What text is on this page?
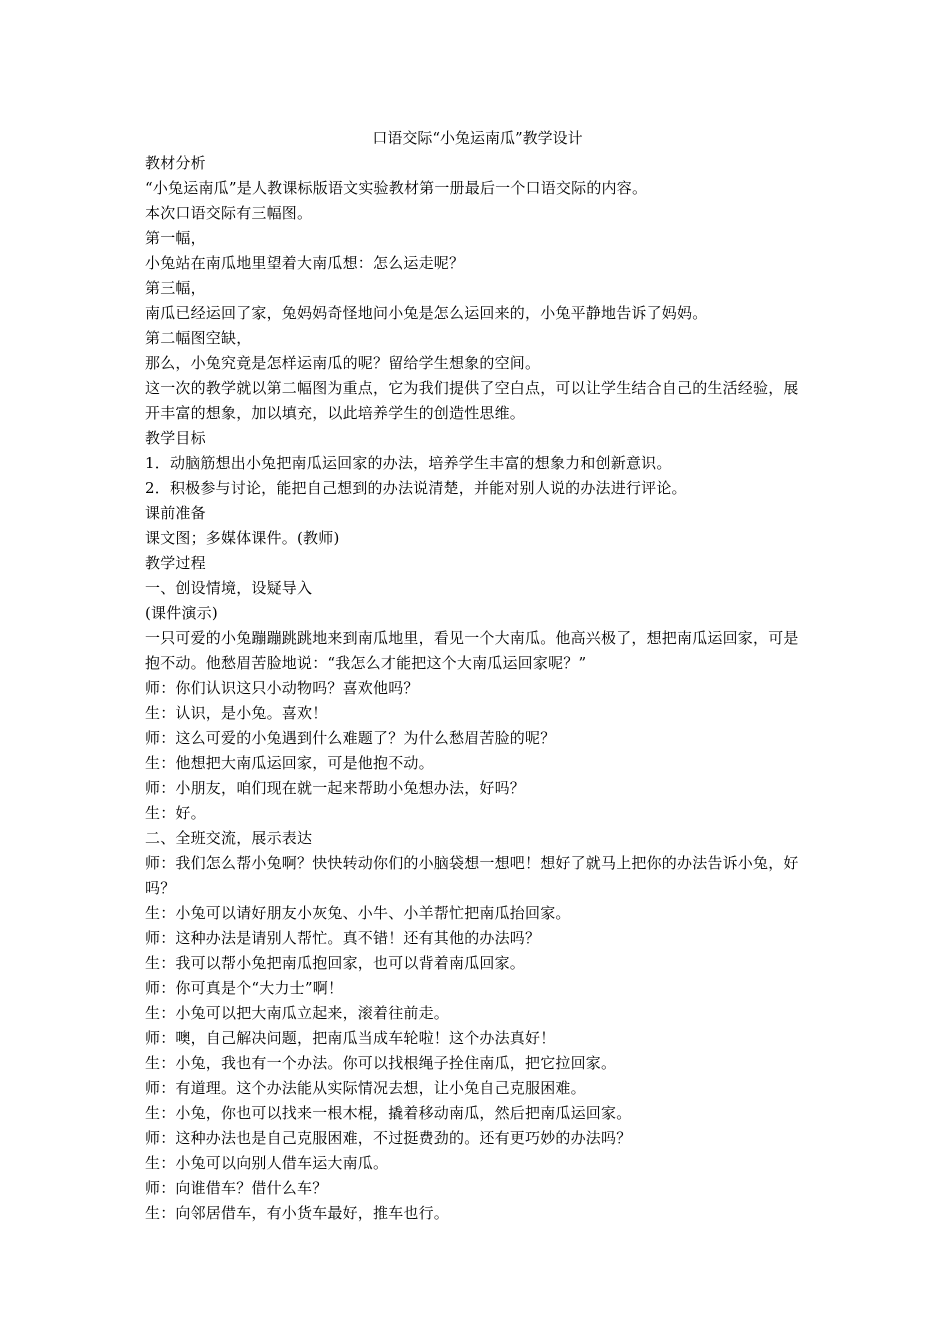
口语交际“小兔运南瓜”教学设计
教材分析
“小兔运南瓜”是人教课标版语文实验教材第一册最后一个口语交际的内容。
本次口语交际有三幅图。
第一幅，
小兔站在南瓜地里望着大南瓜想：怎么运走呢？
第三幅，
南瓜已经运回了家，兔妈妈奇怪地问小兔是怎么运回来的，小兔平静地告诉了妈妈。
第二幅图空缺，
那么，小兔究竟是怎样运南瓜的呢？留给学生想象的空间。
这一次的教学就以第二幅图为重点，它为我们提供了空白点，可以让学生结合自己的生活经验，展开丰富的想象，加以填充，以此培养学生的创造性思维。
教学目标
1．动脑筋想出小兔把南瓜运回家的办法，培养学生丰富的想象力和创新意识。
2．积极参与讨论，能把自己想到的办法说清楚，并能对别人说的办法进行评论。
课前准备
课文图；多媒体课件。(教师)
教学过程
一、创设情境，设疑导入
(课件演示)
一只可爱的小兔蹦蹦跳跳地来到南瓜地里，看见一个大南瓜。他高兴极了，想把南瓜运回家，可是抱不动。他愁眉苦脸地说：“我怎么才能把这个大南瓜运回家呢？”
师：你们认识这只小动物吗？喜欢他吗？
生：认识，是小兔。喜欢！
师：这么可爱的小兔遇到什么难题了？为什么愁眉苦脸的呢？
生：他想把大南瓜运回家，可是他抱不动。
师：小朋友，咱们现在就一起来帮助小兔想办法，好吗？
生：好。
二、全班交流，展示表达
师：我们怎么帮小兔啊？快快转动你们的小脑袋想一想吧！想好了就马上把你的办法告诉小兔，好吗？
生：小兔可以请好朋友小灰兔、小牛、小羊帮忙把南瓜抬回家。
师：这种办法是请别人帮忙。真不错！还有其他的办法吗？
生：我可以帮小兔把南瓜抱回家，也可以背着南瓜回家。
师：你可真是个“大力士”啊！
生：小兔可以把大南瓜立起来，滚着往前走。
师：噢，自己解决问题，把南瓜当成车轮啦！这个办法真好！
生：小兔，我也有一个办法。你可以找根绳子拴住南瓜，把它拉回家。
师：有道理。这个办法能从实际情况去想，让小兔自己克服困难。
生：小兔，你也可以找来一根木棍，撬着移动南瓜，然后把南瓜运回家。
师：这种办法也是自己克服困难，不过挺费劲的。还有更巧妙的办法吗？
生：小兔可以向别人借车运大南瓜。
师：向谁借车？借什么车？
生：向邻居借车，有小货车最好，推车也行。
